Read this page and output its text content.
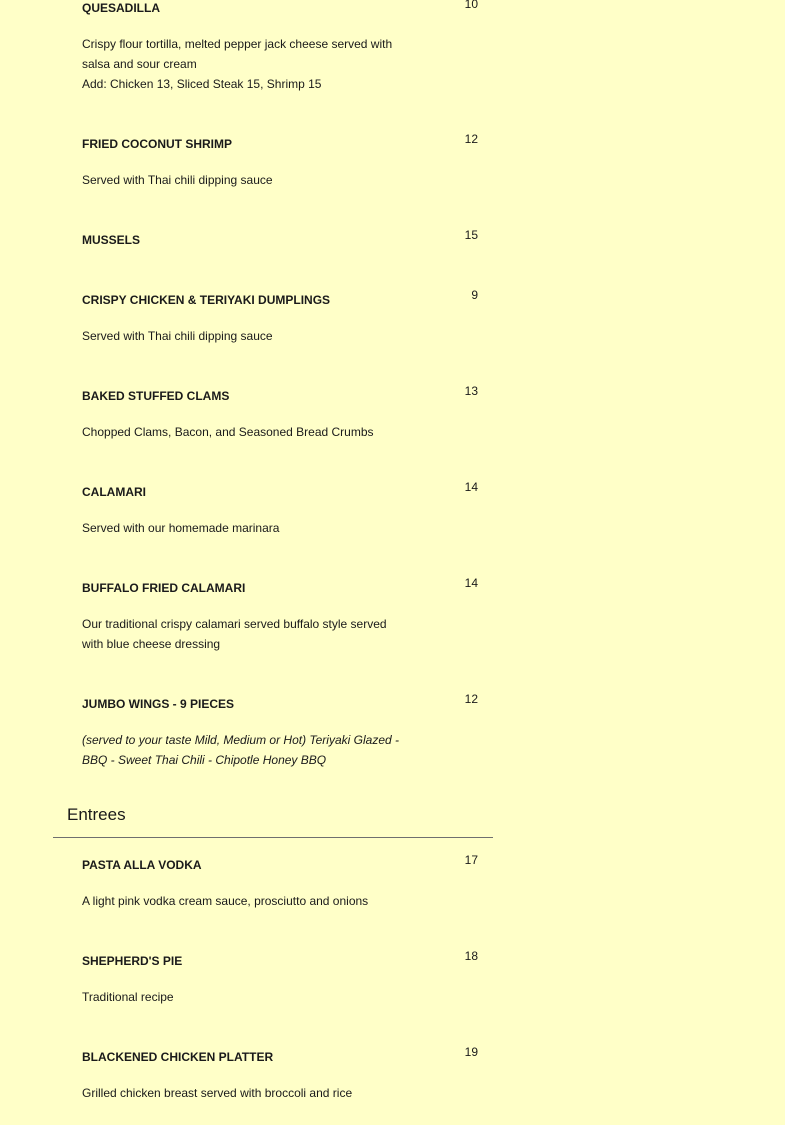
QUESADILLA	10
Crispy flour tortilla, melted pepper jack cheese served with salsa and sour cream
Add: Chicken 13, Sliced Steak 15, Shrimp 15
FRIED COCONUT SHRIMP	12
Served with Thai chili dipping sauce
MUSSELS	15
CRISPY CHICKEN & TERIYAKI DUMPLINGS	9
Served with Thai chili dipping sauce
BAKED STUFFED CLAMS	13
Chopped Clams, Bacon, and Seasoned Bread Crumbs
CALAMARI	14
Served with our homemade marinara
BUFFALO FRIED CALAMARI	14
Our traditional crispy calamari served buffalo style served with blue cheese dressing
JUMBO WINGS - 9 PIECES	12
(served to your taste Mild, Medium or Hot) Teriyaki Glazed - BBQ - Sweet Thai Chili - Chipotle Honey BBQ
Entrees
PASTA ALLA VODKA	17
A light pink vodka cream sauce, prosciutto and onions
SHEPHERD'S PIE	18
Traditional recipe
BLACKENED CHICKEN PLATTER	19
Grilled chicken breast served with broccoli and rice
